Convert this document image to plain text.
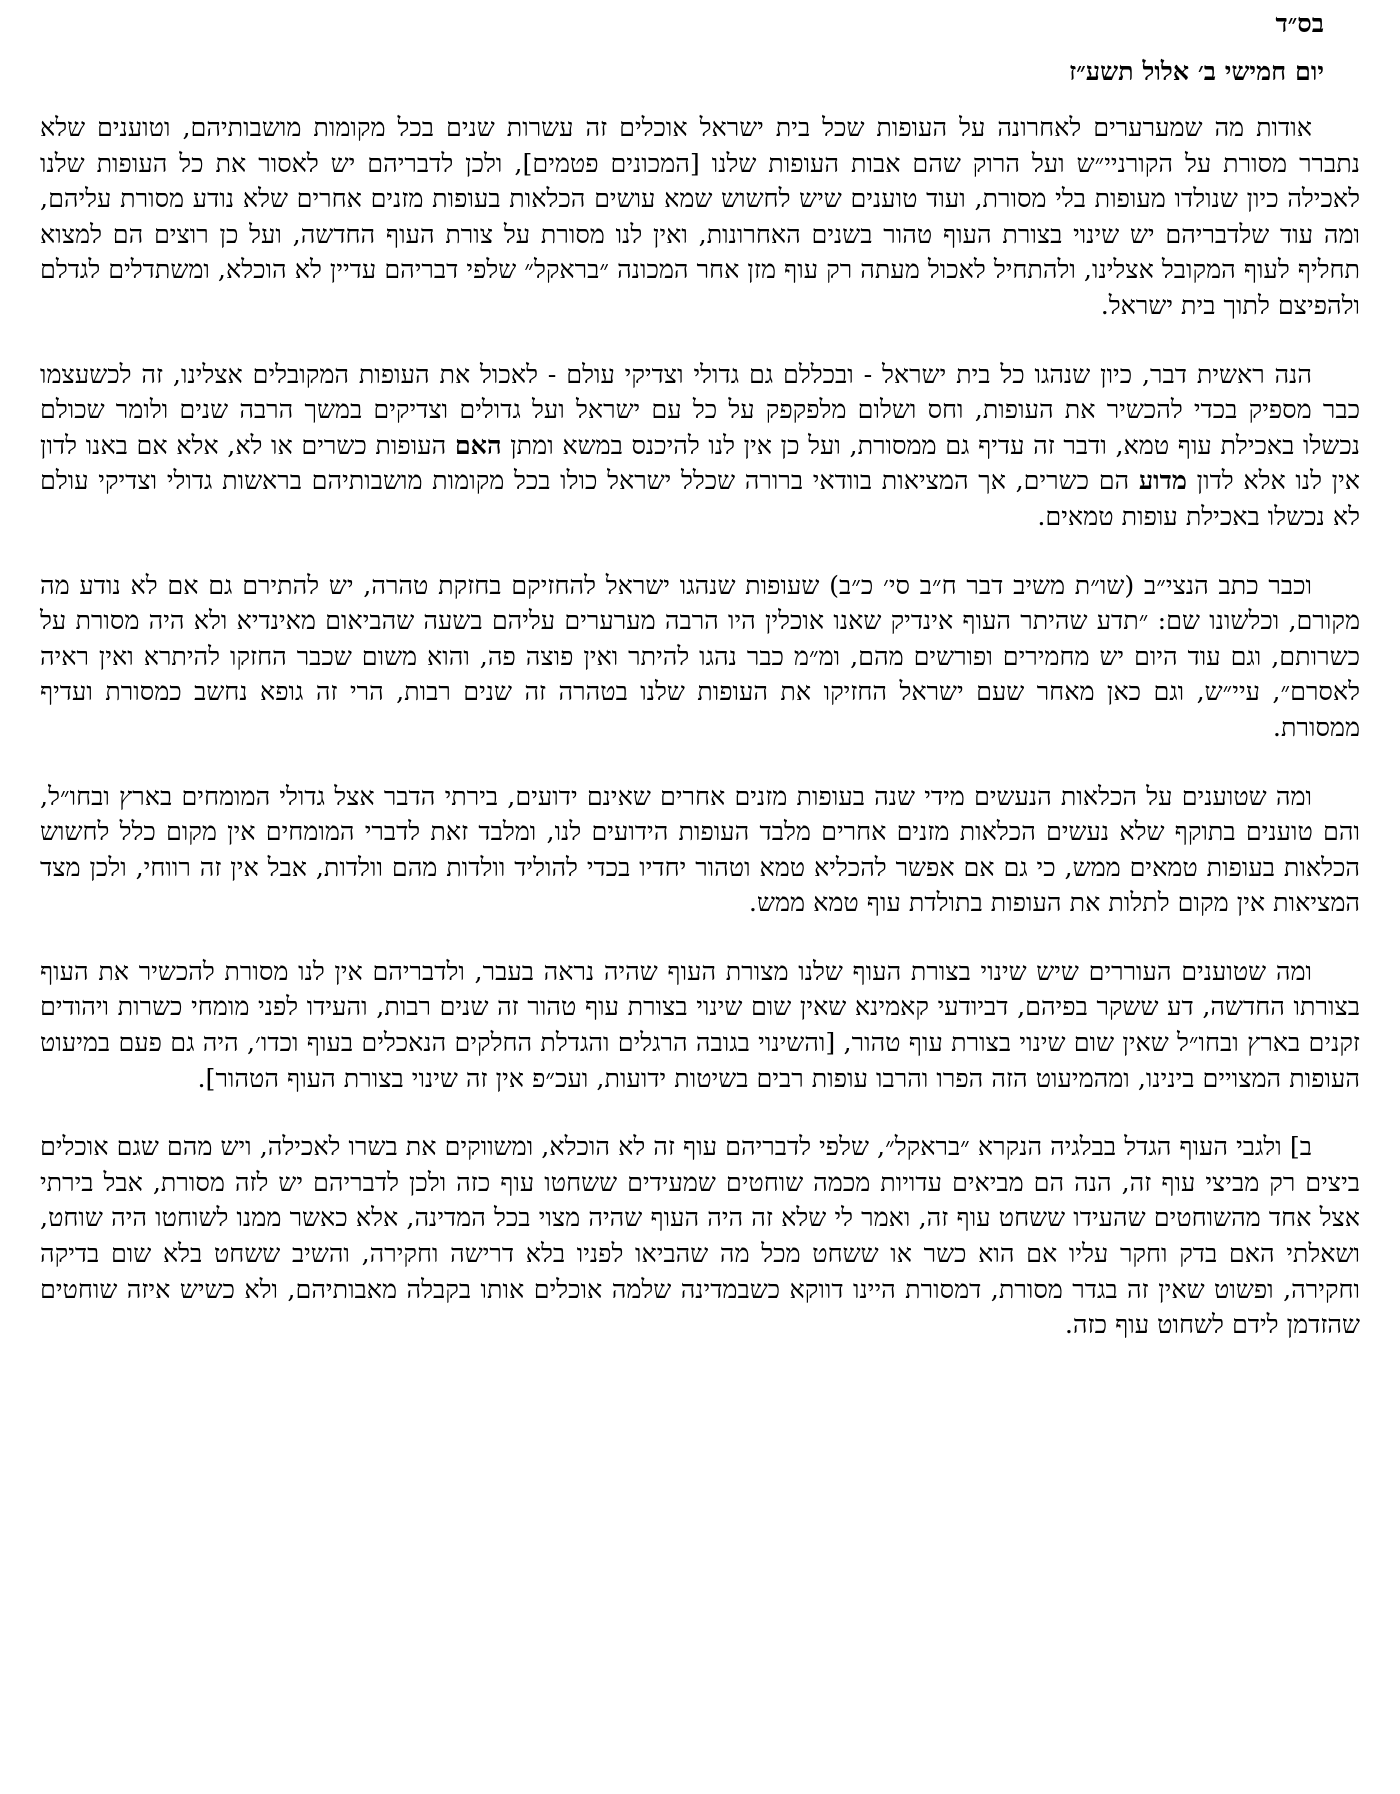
בס״ד
יום חמישי ב׳ אלול תשע״ז

אודות מה שמערערים לאחרונה על העופות שכל בית ישראל אוכלים זה עשרות שנים בכל מקומות מושבותיהם, וטוענים שלא נתברר מסורת על הקורניי״ש ועל הרוק שהם אבות העופות שלנו [המכונים פטמים], ולכן לדבריהם יש לאסור את כל העופות שלנו לאכילה כיון שנולדו מעופות בלי מסורת, ועוד טוענים שיש לחשוש שמא עושים הכלאות בעופות מזנים אחרים שלא נודע מסורת עליהם, ומה עוד שלדבריהם יש שינוי בצורת העוף טהור בשנים האחרונות, ואין לנו מסורת על צורת העוף החדשה, ועל כן רוצים הם למצוא תחליף לעוף המקובל אצלינו, ולהתחיל לאכול מעתה רק עוף מזן אחר המכונה ״בראקל״ שלפי דבריהם עדיין לא הוכלא, ומשתדלים לגדלם ולהפיצם לתוך בית ישראל.

הנה ראשית דבר, כיון שנהגו כל בית ישראל - ובכללם גם גדולי וצדיקי עולם - לאכול את העופות המקובלים אצלינו, זה לכשעצמו כבר מספיק בכדי להכשיר את העופות, וחס ושלום מלפקפק על כל עם ישראל ועל גדולים וצדיקים במשך הרבה שנים ולומר שכולם נכשלו באכילת עוף טמא, ודבר זה עדיף גם ממסורת, ועל כן אין לנו להיכנס במשא ומתן האם העופות כשרים או לא, אלא אם באנו לדון אין לנו אלא לדון מדוע הם כשרים, אך המציאות בוודאי ברורה שכלל ישראל כולו בכל מקומות מושבותיהם בראשות גדולי וצדיקי עולם לא נכשלו באכילת עופות טמאים.

וכבר כתב הנצי״ב (שו״ת משיב דבר ח״ב סי׳ כ״ב) שעופות שנהגו ישראל להחזיקם בחזקת טהרה, יש להתירם גם אם לא נודע מה מקורם, וכלשונו שם: ״תדע שהיתר העוף אינדיק שאנו אוכלין היו הרבה מערערים עליהם בשעה שהביאום מאינדיא ולא היה מסורת על כשרותם, וגם עוד היום יש מחמירים ופורשים מהם, ומ״מ כבר נהגו להיתר ואין פוצה פה, והוא משום שכבר החזקו להיתרא ואין ראיה לאסרם״, עיי״ש, וגם כאן מאחר שעם ישראל החזיקו את העופות שלנו בטהרה זה שנים רבות, הרי זה גופא נחשב כמסורת ועדיף ממסורת.

ומה שטוענים על הכלאות הנעשים מידי שנה בעופות מזנים אחרים שאינם ידועים, בירתי הדבר אצל גדולי המומחים בארץ ובחו״ל, והם טוענים בתוקף שלא נעשים הכלאות מזנים אחרים מלבד העופות הידועים לנו, ומלבד זאת לדברי המומחים אין מקום כלל לחשוש הכלאות בעופות טמאים ממש, כי גם אם אפשר להכליא טמא וטהור יחדיו בכדי להוליד וולדות מהם וולדות, אבל אין זה רווחי, ולכן מצד המציאות אין מקום לתלות את העופות בתולדת עוף טמא ממש.

ומה שטוענים העוררים שיש שינוי בצורת העוף שלנו מצורת העוף שהיה נראה בעבר, ולדבריהם אין לנו מסורת להכשיר את העוף בצורתו החדשה, דע ששקר בפיהם, דביודעי קאמינא שאין שום שינוי בצורת עוף טהור זה שנים רבות, והעידו לפני מומחי כשרות ויהודים זקנים בארץ ובחו״ל שאין שום שינוי בצורת עוף טהור, [והשינוי בגובה הרגלים והגדלת החלקים הנאכלים בעוף וכדו׳, היה גם פעם במיעוט העופות המצויים בינינו, ומהמיעוט הזה הפרו והרבו עופות רבים בשיטות ידועות, ועכ״פ אין זה שינוי בצורת העוף הטהור].

ב] ולגבי העוף הגדל בבלגיה הנקרא ״בראקל״, שלפי לדבריהם עוף זה לא הוכלא, ומשווקים את בשרו לאכילה, ויש מהם שגם אוכלים ביצים רק מביצי עוף זה, הנה הם מביאים עדויות מכמה שוחטים שמעידים ששחטו עוף כזה ולכן לדבריהם יש לזה מסורת, אבל בירתי אצל אחד מהשוחטים שהעידו ששחט עוף זה, ואמר לי שלא זה היה העוף שהיה מצוי בכל המדינה, אלא כאשר ממנו לשוחטו היה שוחט, ושאלתי האם בדק וחקר עליו אם הוא כשר או ששחט מכל מה שהביאו לפניו בלא דרישה וחקירה, והשיב ששחט בלא שום בדיקה וחקירה, ופשוט שאין זה בגדר מסורת, דמסורת היינו דווקא כשבמדינה שלמה אוכלים אותו בקבלה מאבותיהם, ולא כשיש איזה שוחטים שהזדמן לידם לשחוט עוף כזה.
